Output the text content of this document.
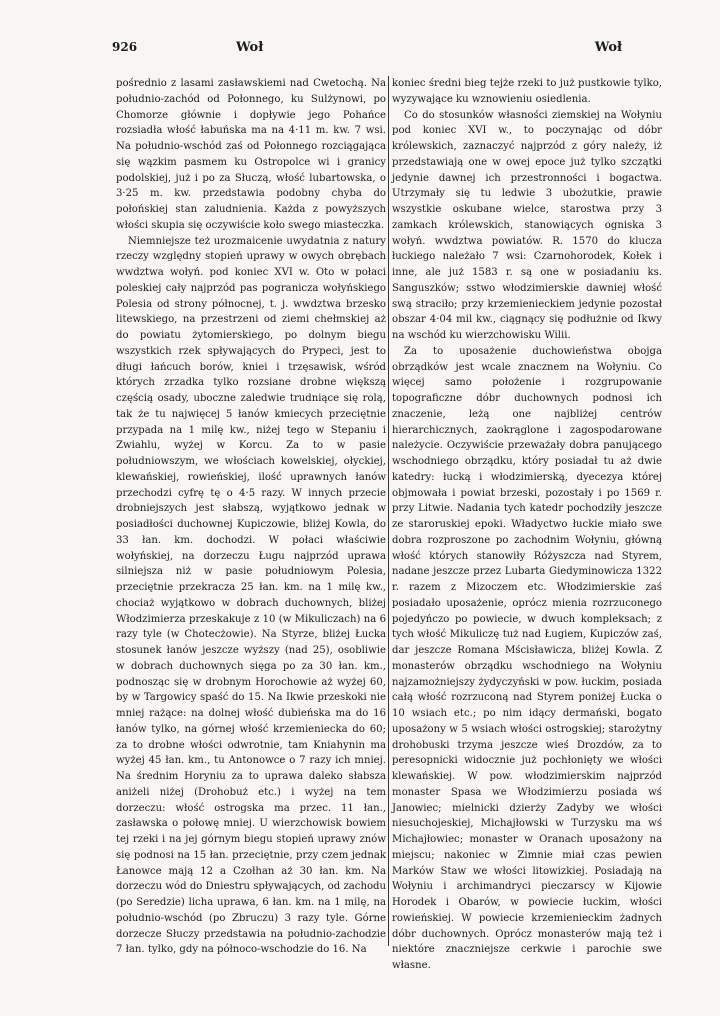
926	Woł	Woł

pośrednio z lasami zasławskiemi nad Cwetochą. Na południo-zachód od Połonnego, ku Sulżynowi, po Chomorze głównie i dopływie jego Pohańce rozsiadła włość łabuńska ma na 4·11 m. kw. 7 wsi. Na południo-wschód zaś od Połonnego rozciągająca się wązkim pasmem ku Ostropolce wi i granicy podolskiej, już i po za Słuczą, włość lubartowska, o 3·25 m. kw. przedstawia podobny chyba do połońskiej stan zaludnienia. Każda z powyższych włości skupia się oczywiście koło swego miasteczka.

Niemniejsze też urozmaicenie uwydatnia z natury rzeczy względny stopień uprawy w owych obrębach wwdztwa wołyń. pod koniec XVI w. Oto w połaci poleskiej cały najprzód pas pogranicza wołyńskiego Polesia od strony północnej, t. j. wwdztwa brzesko litewskiego, na przestrzeni od ziemi chełmskiej aż do powiatu żytomierskiego, po dolnym biegu wszystkich rzek spływających do Prypeci, jest to długi łańcuch borów, kniei i trzęsawisk, wśród których zrzadka tylko rozsiane drobne większą częścią osady, uboczne zaledwie trudniące się rolą, tak że tu najwięcej 5 łanów kmiecych przeciętnie przypada na 1 milę kw., niżej tego w Stepaniu i Zwiahlu, wyżej w Korcu. Za to w pasie południowszym, we włościach kowelskiej, ołyckiej, klewańskiej, rowieńskiej, ilość uprawnych łanów przechodzi cyfrę tę o 4·5 razy. W innych przecie drobniejszych jest słabszą, wyjątkowo jednak w posiadłości duchownej Kupiczowie, bliżej Kowla, do 33 łan. km. dochodzi. W połaci właściwie wołyńskiej, na dorzeczu Ługu najprzód uprawa silniejsza niż w pasie południowym Polesia, przeciętnie przekracza 25 łan. km. na 1 milę kw., chociaż wyjątkowo w dobrach duchownych, bliżej Włodzimierza przeskakuje z 10 (w Mikuliczach) na 6 razy tyle (w Chotecżowie). Na Styrze, bliżej Łucka stosunek łanów jeszcze wyższy (nad 25), osobliwie w dobrach duchownych sięga po za 30 łan. km., podnosząc się w drobnym Horochowie aż wyżej 60, by w Targowicy spaść do 15. Na Ikwie przeskoki nie mniej rażące: na dolnej włość dubieńska ma do 16 łanów tylko, na górnej włość krzemieniecka do 60; za to drobne włości odwrotnie, tam Kniahynin ma wyżej 45 łan. km., tu Antonowce o 7 razy ich mniej. Na średnim Horyniu za to uprawa daleko słabsza aniżeli niżej (Drohobuż etc.) i wyżej na tem dorzeczu: włość ostrogska ma przec. 11 łan., zasławska o połowę mniej. U wierzchowisk bowiem tej rzeki i na jej górnym biegu stopień uprawy znów się podnosi na 15 łan. przeciętnie, przy czem jednak Łanowce mają 12 a Czołhan aż 30 łan. km. Na dorzeczu wód do Dniestru spływających, od zachodu (po Seredzie) licha uprawa, 6 łan. km. na 1 milę, na południo-wschód (po Zbruczu) 3 razy tyle. Górne dorzecze Słuczy przedstawia na południo-zachodzie 7 łan. tylko, gdy na północo-wschodzie do 16. Na

koniec średni bieg tejże rzeki to już pustkowie tylko, wyzywające ku wznowieniu osiedlenia.

Co do stosunków własności ziemskiej na Wołyniu pod koniec XVI w., to poczynając od dóbr królewskich, zaznaczyć najprzód z góry należy, iż przedstawiają one w owej epoce już tylko szczątki jedynie dawnej ich przestronności i bogactwa. Utrzymały się tu ledwie 3 ubożutkie, prawie wszystkie oskubane wielce, starostwa przy 3 zamkach królewskich, stanowiących ogniska 3 wołyń. wwdztwa powiatów. R. 1570 do klucza łuckiego należało 7 wsi: Czarnohorodek, Kołek i inne, ale już 1583 r. są one w posiadaniu ks. Sanguszków; sstwo włodzimierskie dawniej włość swą straciło; przy krzemienieckiem jedynie pozostał obszar 4·04 mil kw., ciągnący się podłużnie od Ikwy na wschód ku wierzchowisku Wilii.

Za to uposażenie duchowieństwa obojga obrządków jest wcale znacznem na Wołyniu. Co więcej samo położenie i rozgrupowanie topograficzne dóbr duchownych podnosi ich znaczenie, leżą one najbliżej centrów hierarchicznych, zaokrąglone i zagospodarowane należycie. Oczywiście przeważały dobra panującego wschodniego obrządku, który posiadał tu aż dwie katedry: łucką i włodzimierską, dyecezya której objmowała i powiat brzeski, pozostały i po 1569 r. przy Litwie. Nadania tych katedr pochodziły jeszcze ze staroruskiej epoki. Władyctwo łuckie miało swe dobra rozproszone po zachodnim Wołyniu, główną włość których stanowiły Różyszcza nad Styrem, nadane jeszcze przez Lubarta Giedyminowicza 1322 r. razem z Mizoczem etc. Włodzimierskie zaś posiadało uposażenie, oprócz mienia rozrzuconego pojedyńczo po powiecie, w dwuch kompleksach; z tych włość Mikuliczę tuż nad Ługiem, Kupiczów zaś, dar jeszcze Romana Mścisławicza, bliżej Kowla. Z monasterów obrządku wschodniego na Wołyniu najzamożniejszy żydyczyński w pow. łuckim, posiada całą włość rozrzuconą nad Styrem poniżej Łucka o 10 wsiach etc.; po nim idący dermański, bogato uposażony w 5 wsiach włości ostrogskiej; starożytny drohobuski trzyma jeszcze wieś Drozdów, za to peresopnicki widocznie już pochłonięty we włości klewańskiej. W pow. włodzimierskim najprzód monaster Spasa we Włodzimierzu posiada wś Janowiec; mielnicki dzierży Zadyby we włości niesuchojeskiej, Michajłowski w Turzysku ma wś Michajłowiec; monaster w Oranach uposażony na miejscu; nakoniec w Zimnie miał czas pewien Marków Staw we włości litowizkiej. Posiadają na Wołyniu i archimandryci pieczarscy w Kijowie Horodek i Obarów, w powiecie łuckim, włości rowieńskiej. W powiecie krzemienieckim żadnych dóbr duchownych. Oprócz monasterów mają też i niektóre znaczniejsze cerkwie i parochie swe własne.
